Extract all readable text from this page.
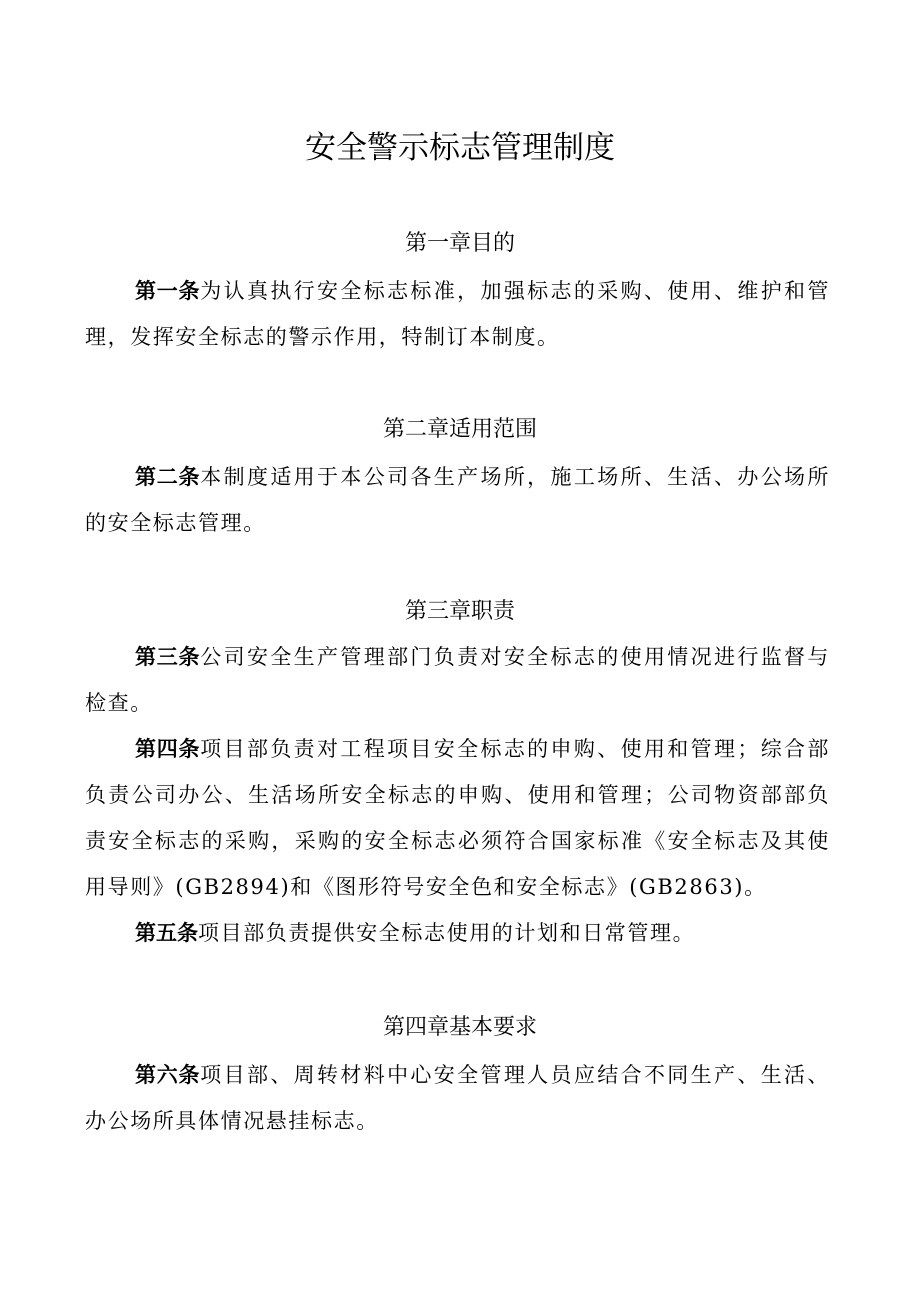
安全警示标志管理制度
第一章目的

第一条为认真执行安全标志标准，加强标志的采购、使用、维护和管理，发挥安全标志的警示作用，特制订本制度。

第二章适用范围

第二条本制度适用于本公司各生产场所，施工场所、生活、办公场所的安全标志管理。

第三章职责

第三条公司安全生产管理部门负责对安全标志的使用情况进行监督与检查。

第四条项目部负责对工程项目安全标志的申购、使用和管理；综合部负责公司办公、生活场所安全标志的申购、使用和管理；公司物资部部负责安全标志的采购，采购的安全标志必须符合国家标准《安全标志及其使用导则》(GB2894)和《图形符号安全色和安全标志》(GB2863)。

第五条项目部负责提供安全标志使用的计划和日常管理。

第四章基本要求

第六条项目部、周转材料中心安全管理人员应结合不同生产、生活、办公场所具体情况悬挂标志。
